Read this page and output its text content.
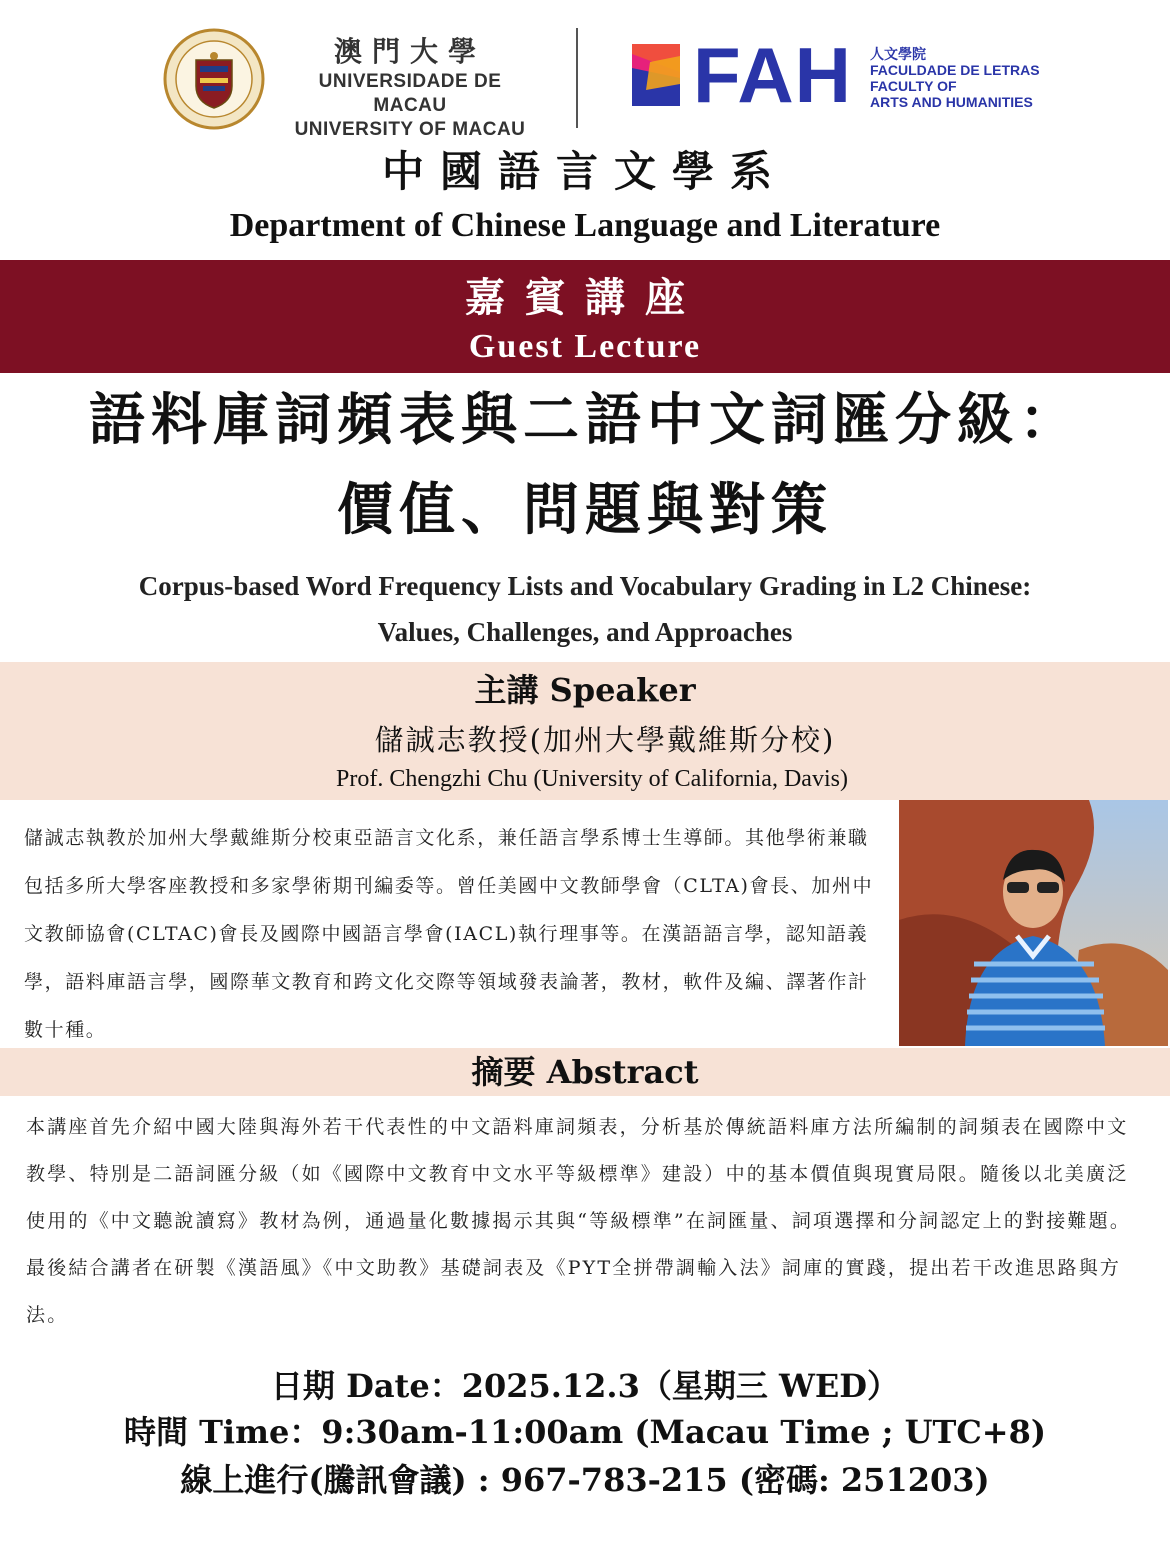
澳門大學
UNIVERSIDADE DE MACAU
UNIVERSITY OF MACAU
FAH 人文學院
FACULDADE DE LETRAS
FACULTY OF
ARTS AND HUMANITIES
中國語言文學系
Department of Chinese Language and Literature
嘉賓講座
Guest Lecture
語料庫詞頻表與二語中文詞匯分級：
價值、問題與對策
Corpus-based Word Frequency Lists and Vocabulary Grading in L2 Chinese:
Values, Challenges, and Approaches
主講 Speaker
儲誠志教授(加州大學戴維斯分校)
Prof. Chengzhi Chu (University of California, Davis)
儲誠志執教於加州大學戴維斯分校東亞語言文化系，兼任語言學系博士生導師。其他學術兼職包括多所大學客座教授和多家學術期刊編委等。曾任美國中文教師學會（CLTA)會長、加州中文教師協會(CLTAC)會長及國際中國語言學會(IACL)執行理事等。在漢語語言學，認知語義學，語料庫語言學，國際華文教育和跨文化交際等領域發表論著，教材，軟件及編、譯著作計數十種。
摘要 Abstract
本講座首先介紹中國大陸與海外若干代表性的中文語料庫詞頻表，分析基於傳統語料庫方法所編制的詞頻表在國際中文教學、特別是二語詞匯分級（如《國際中文教育中文水平等級標準》建設）中的基本價值與現實局限。隨後以北美廣泛使用的《中文聽說讀寫》教材為例，通過量化數據揭示其與“等級標準”在詞匯量、詞項選擇和分詞認定上的對接難題。最後結合講者在研製《漢語風》《中文助教》基礎詞表及《PYT全拼帶調輸入法》詞庫的實踐，提出若干改進思路與方法。
日期 Date：2025.12.3（星期三 WED）
時間 Time：9:30am-11:00am (Macau Time ; UTC+8)
線上進行(騰訊會議) : 967-783-215 (密碼: 251203)
